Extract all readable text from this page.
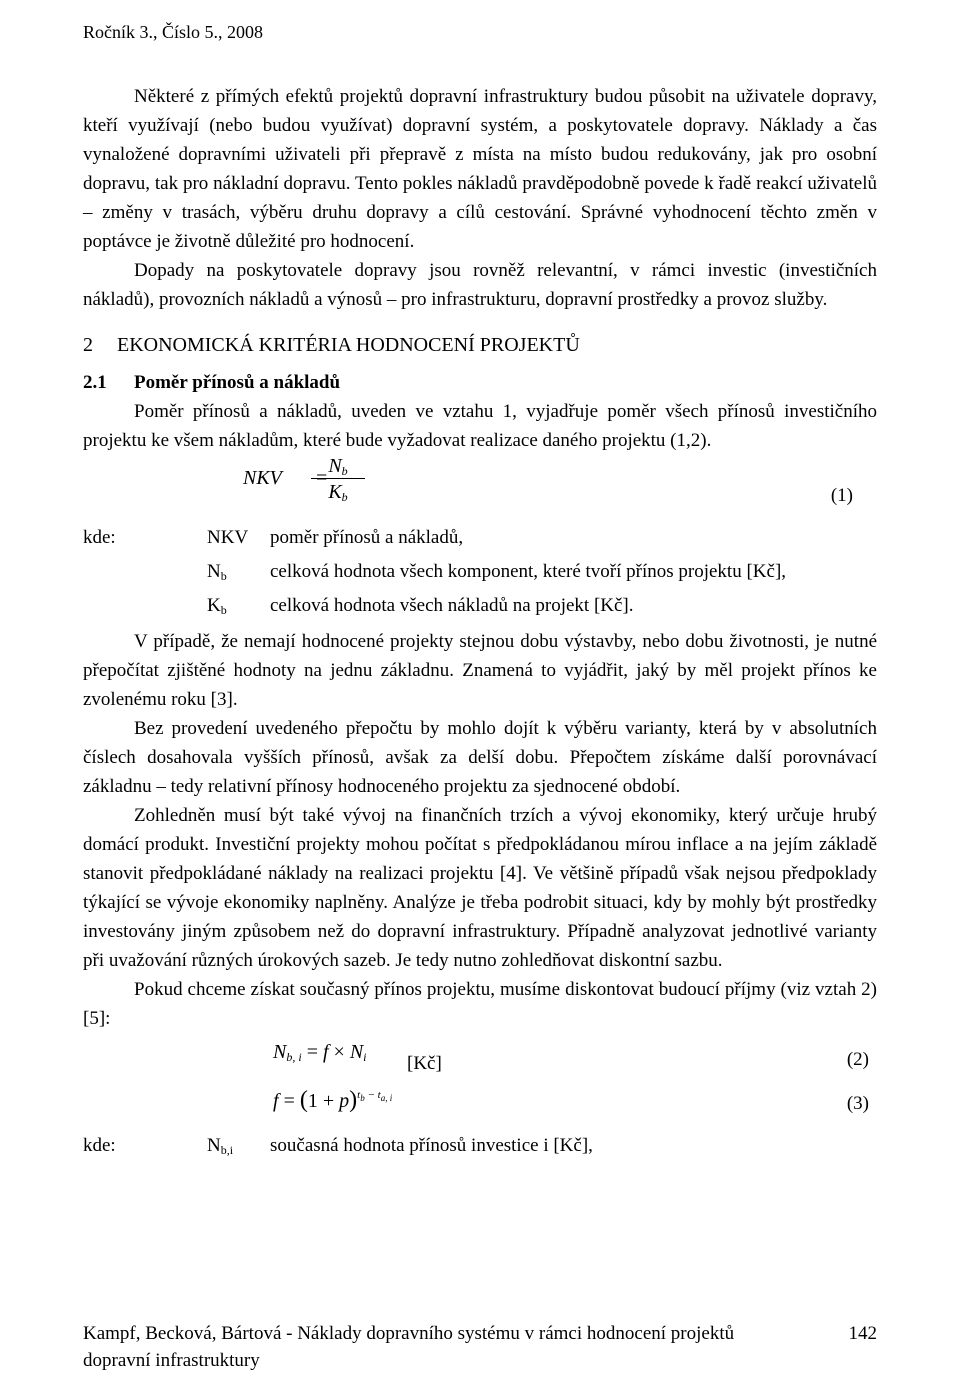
Ročník 3., Číslo 5., 2008

Některé z přímých efektů projektů dopravní infrastruktury budou působit na uživatele dopravy, kteří využívají (nebo budou využívat) dopravní systém, a poskytovatele dopravy. Náklady a čas vynaložené dopravními uživateli při přepravě z místa na místo budou redukovány, jak pro osobní dopravu, tak pro nákladní dopravu. Tento pokles nákladů pravděpodobně povede k řadě reakcí uživatelů – změny v trasách, výběru druhu dopravy a cílů cestování. Správné vyhodnocení těchto změn v poptávce je životně důležité pro hodnocení.

Dopady na poskytovatele dopravy jsou rovněž relevantní, v rámci investic (investičních nákladů), provozních nákladů a výnosů – pro infrastrukturu, dopravní prostředky a provoz služby.

2 EKONOMICKÁ KRITÉRIA HODNOCENÍ PROJEKTŮ
2.1 Poměr přínosů a nákladů

Poměr přínosů a nákladů, uveden ve vztahu 1, vyjadřuje poměr všech přínosů investičního projektu ke všem nákladům, které bude vyžadovat realizace daného projektu (1,2).

NKV =
$N_b$
$K_b$	(1)
kde:	NKV	poměr přínosů a nákladů,
$N_b$	celková hodnota všech komponent, které tvoří přínos projektu [Kč],
$K_b$	celková hodnota všech nákladů na projekt [Kč].

V případě, že nemají hodnocené projekty stejnou dobu výstavby, nebo dobu životnosti, je nutné přepočítat zjištěné hodnoty na jednu základnu. Znamená to vyjádřit, jaký by měl projekt přínos ke zvolenému roku [3].

Bez provedení uvedeného přepočtu by mohlo dojít k výběru varianty, která by v absolutních číslech dosahovala vyšších přínosů, avšak za delší dobu. Přepočtem získáme další porovnávací základnu – tedy relativní přínosy hodnoceného projektu za sjednocené období.

Zohledněn musí být také vývoj na finančních trzích a vývoj ekonomiky, který určuje hrubý domácí produkt. Investiční projekty mohou počítat s předpokládanou mírou inflace a na jejím základě stanovit předpokládané náklady na realizaci projektu [4]. Ve většině případů však nejsou předpoklady týkající se vývoje ekonomiky naplněny. Analýze je třeba podrobit situaci, kdy by mohly být prostředky investovány jiným způsobem než do dopravní infrastruktury. Případně analyzovat jednotlivé varianty při uvažování různých úrokových sazeb. Je tedy nutno zohledňovat diskontní sazbu.

Pokud chceme získat současný přínos projektu, musíme diskontovat budoucí příjmy (viz vztah 2) [5]:

$N_{b, i} = f \times N_i$ [Kč]	(2)
$f = (1 + p)^{t_b - t_{a, i}}$	(3)
kde:	$N_{b,i}$	současná hodnota přínosů investice i [Kč],
Kampf, Becková, Bártová - Náklady dopravního systému v rámci hodnocení projektů	142
dopravní infrastruktury
